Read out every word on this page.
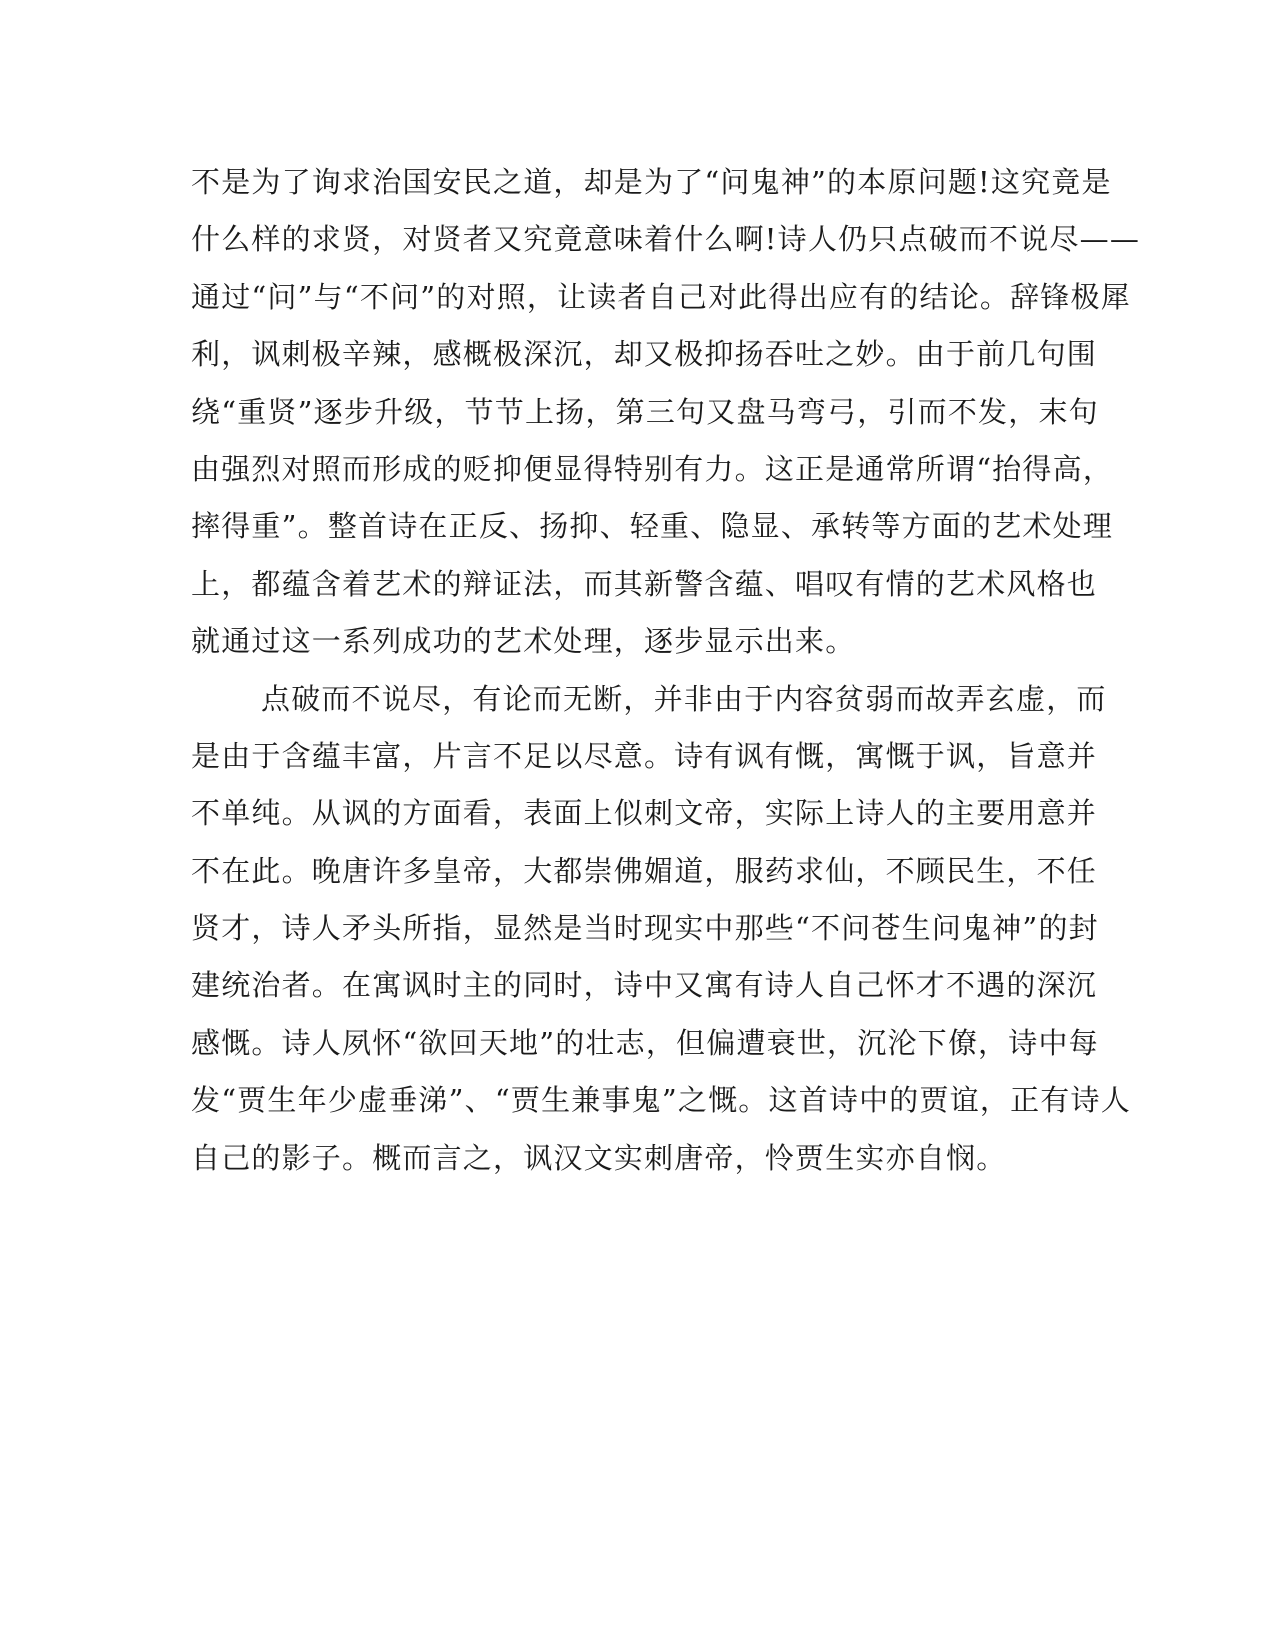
不是为了询求治国安民之道，却是为了“问鬼神”的本原问题!这究竟是
什么样的求贤，对贤者又究竟意味着什么啊!诗人仍只点破而不说尽——
通过“问”与“不问”的对照，让读者自己对此得出应有的结论。辞锋极犀
利，讽刺极辛辣，感概极深沉，却又极抑扬吞吐之妙。由于前几句围
绕“重贤”逐步升级，节节上扬，第三句又盘马弯弓，引而不发，末句
由强烈对照而形成的贬抑便显得特别有力。这正是通常所谓“抬得高，
摔得重”。整首诗在正反、扬抑、轻重、隐显、承转等方面的艺术处理
上，都蕴含着艺术的辩证法，而其新警含蕴、唱叹有情的艺术风格也
就通过这一系列成功的艺术处理，逐步显示出来。
点破而不说尽，有论而无断，并非由于内容贫弱而故弄玄虚，而
是由于含蕴丰富，片言不足以尽意。诗有讽有慨，寓慨于讽，旨意并
不单纯。从讽的方面看，表面上似刺文帝，实际上诗人的主要用意并
不在此。晚唐许多皇帝，大都崇佛媚道，服药求仙，不顾民生，不任
贤才，诗人矛头所指，显然是当时现实中那些“不问苍生问鬼神”的封
建统治者。在寓讽时主的同时，诗中又寓有诗人自己怀才不遇的深沉
感慨。诗人夙怀“欲回天地”的壮志，但偏遭衰世，沉沦下僚，诗中每
发“贾生年少虚垂涕”、“贾生兼事鬼”之慨。这首诗中的贾谊，正有诗人
自己的影子。概而言之，讽汉文实刺唐帝，怜贾生实亦自悯。
